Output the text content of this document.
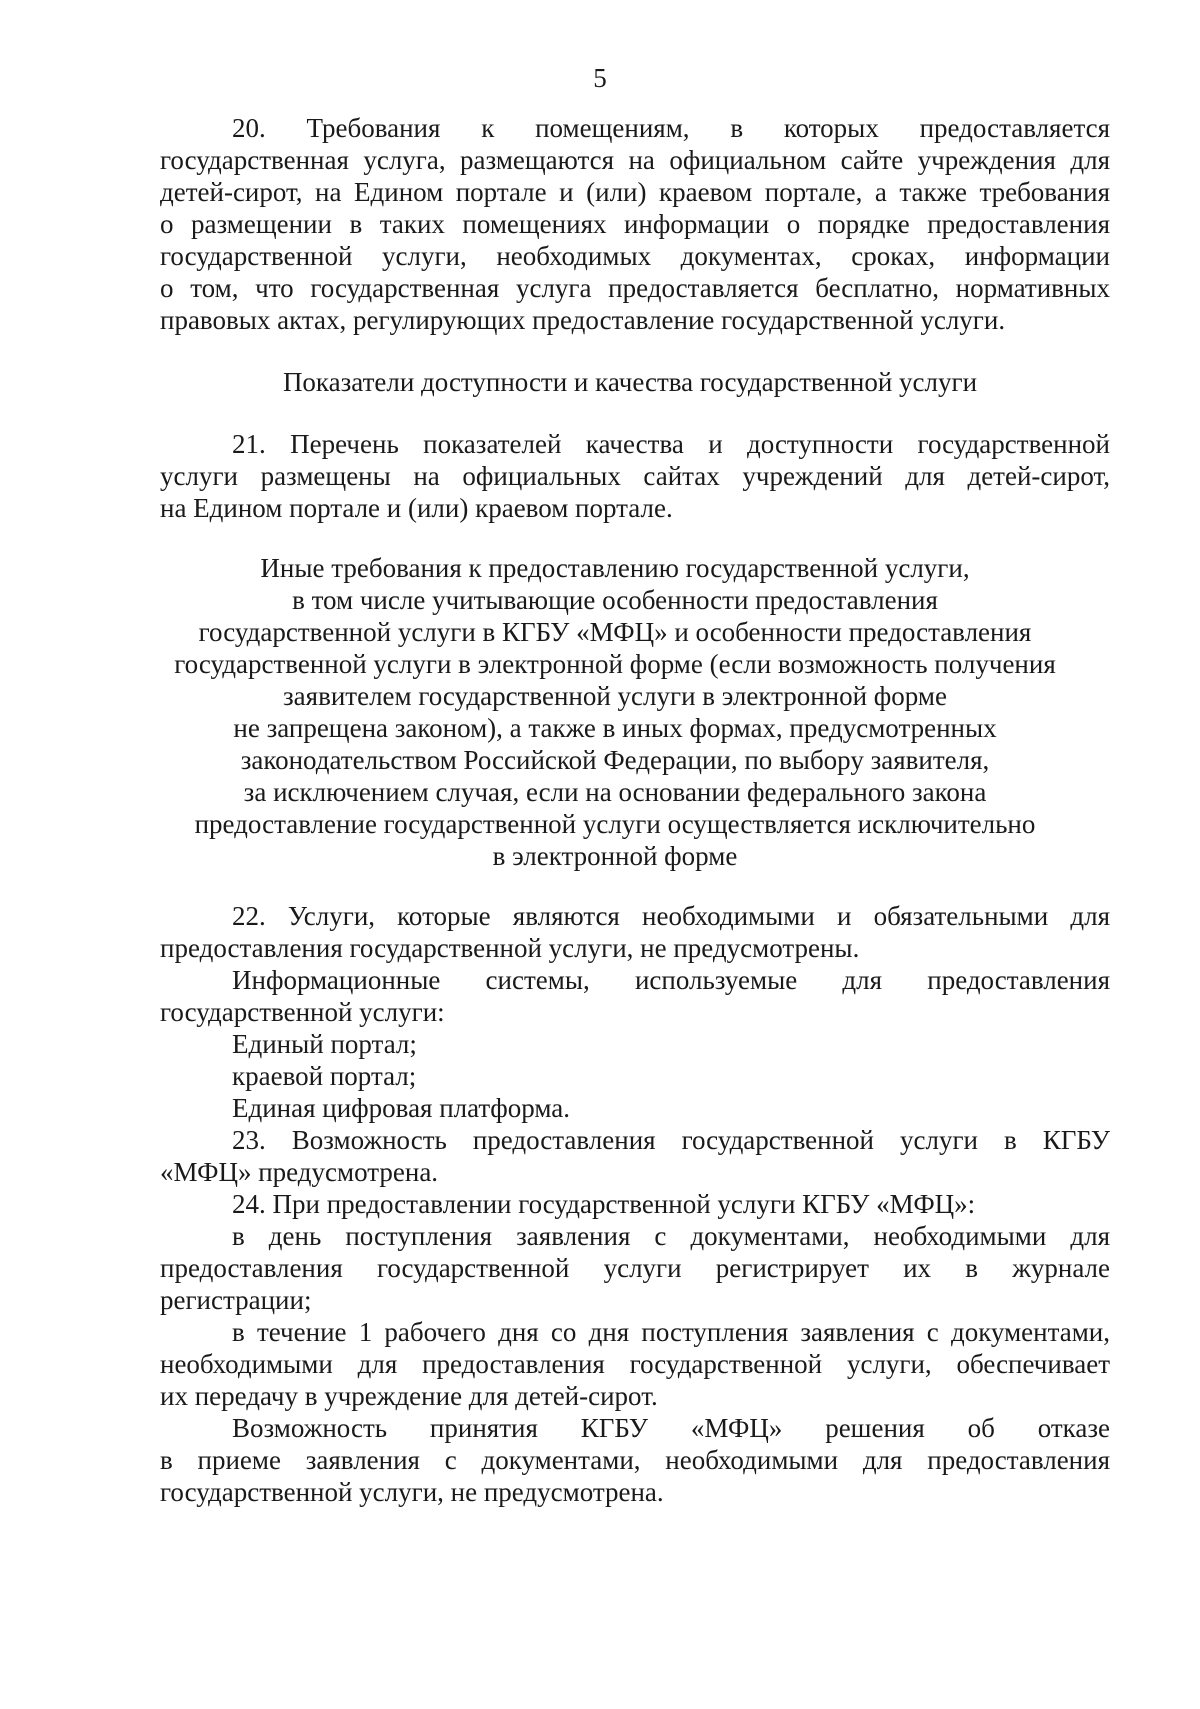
5
20. Требования к помещениям, в которых предоставляется
государственная услуга, размещаются на официальном сайте учреждения для
детей-сирот, на Едином портале и (или) краевом портале, а также требования
о размещении в таких помещениях информации о порядке предоставления
государственной услуги, необходимых документах, сроках, информации
о том, что государственная услуга предоставляется бесплатно, нормативных
правовых актах, регулирующих предоставление государственной услуги.
Показатели доступности и качества государственной услуги
21. Перечень показателей качества и доступности государственной
услуги размещены на официальных сайтах учреждений для детей-сирот,
на Едином портале и (или) краевом портале.
Иные требования к предоставлению государственной услуги,
в том числе учитывающие особенности предоставления
государственной услуги в КГБУ «МФЦ» и особенности предоставления
государственной услуги в электронной форме (если возможность получения
заявителем государственной услуги в электронной форме
не запрещена законом), а также в иных формах, предусмотренных
законодательством Российской Федерации, по выбору заявителя,
за исключением случая, если на основании федерального закона
предоставление государственной услуги осуществляется исключительно
в электронной форме
22. Услуги, которые являются необходимыми и обязательными для
предоставления государственной услуги, не предусмотрены.
Информационные системы, используемые для предоставления
государственной услуги:
Единый портал;
краевой портал;
Единая цифровая платформа.
23. Возможность предоставления государственной услуги в КГБУ
«МФЦ» предусмотрена.
24. При предоставлении государственной услуги КГБУ «МФЦ»:
в день поступления заявления с документами, необходимыми для
предоставления государственной услуги регистрирует их в журнале
регистрации;
в течение 1 рабочего дня со дня поступления заявления с документами,
необходимыми для предоставления государственной услуги, обеспечивает
их передачу в учреждение для детей-сирот.
Возможность принятия КГБУ «МФЦ» решения об отказе
в приеме заявления с документами, необходимыми для предоставления
государственной услуги, не предусмотрена.
